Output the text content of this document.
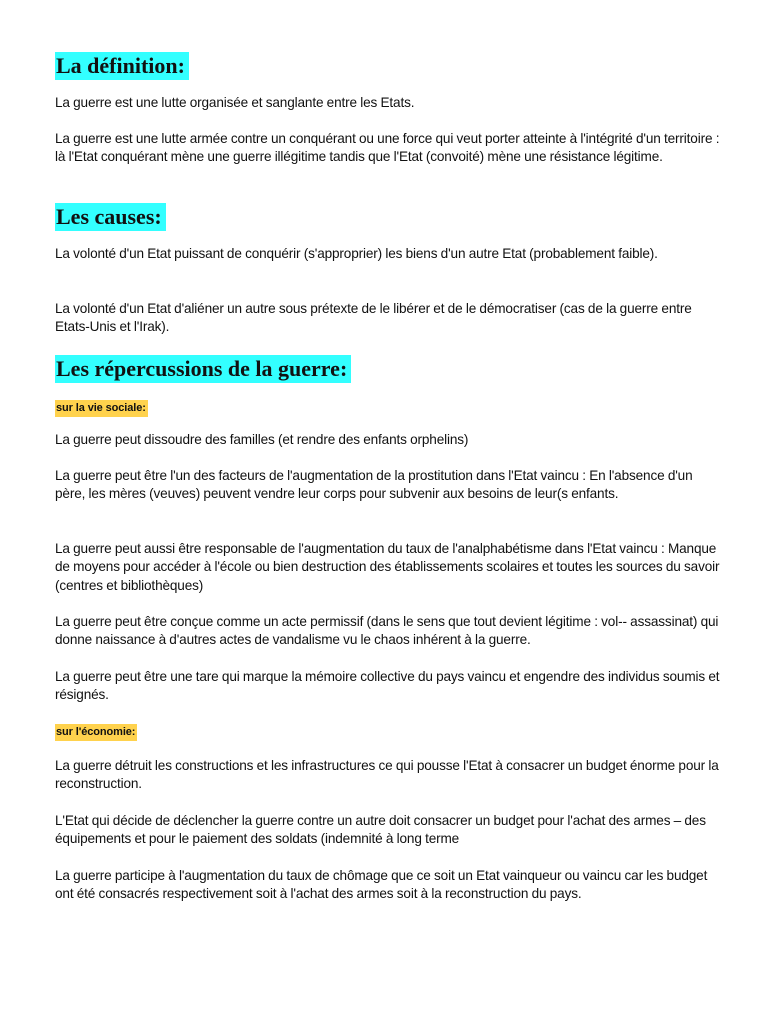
La définition:

La guerre est une lutte organisée et sanglante entre les Etats.

La guerre est une lutte armée contre un conquérant ou une force qui veut porter atteinte à l'intégrité d'un territoire : là l'Etat conquérant mène une guerre illégitime tandis que l'Etat (convoité) mène une résistance légitime.

Les causes:

La volonté d'un Etat puissant de conquérir (s'approprier) les biens d'un autre Etat (probablement faible).

La volonté d'un Etat d'aliéner un autre sous prétexte de le libérer et de le démocratiser (cas de la guerre entre Etats-Unis et l'Irak).

Les répercussions de la guerre:
sur la vie sociale:

La guerre peut dissoudre des familles (et rendre des enfants orphelins)

La guerre peut être l'un des facteurs de l'augmentation de la prostitution dans l'Etat vaincu : En l'absence d'un père, les mères (veuves) peuvent vendre leur corps pour subvenir aux besoins de leur(s enfants.

La guerre peut aussi être responsable de l'augmentation du taux de l'analphabétisme dans l'Etat vaincu : Manque de moyens pour accéder à l'école ou bien destruction des établissements scolaires et toutes les sources du savoir (centres et bibliothèques)

La guerre peut être conçue comme un acte permissif (dans le sens que tout devient légitime : vol-- assassinat) qui donne naissance à d'autres actes de vandalisme vu le chaos inhérent à la guerre.

La guerre peut être une tare qui marque la mémoire collective du pays vaincu et engendre des individus soumis et résignés.

sur l'économie:

La guerre détruit les constructions et les infrastructures ce qui pousse l'Etat à consacrer un budget énorme pour la reconstruction.

L'Etat qui décide de déclencher la guerre contre un autre doit consacrer un budget pour l'achat des armes – des équipements et pour le paiement des soldats (indemnité à long terme

La guerre participe à l'augmentation du taux de chômage que ce soit un Etat vainqueur ou vaincu car les budget ont été consacrés respectivement soit à l'achat des armes soit à la reconstruction du pays.
